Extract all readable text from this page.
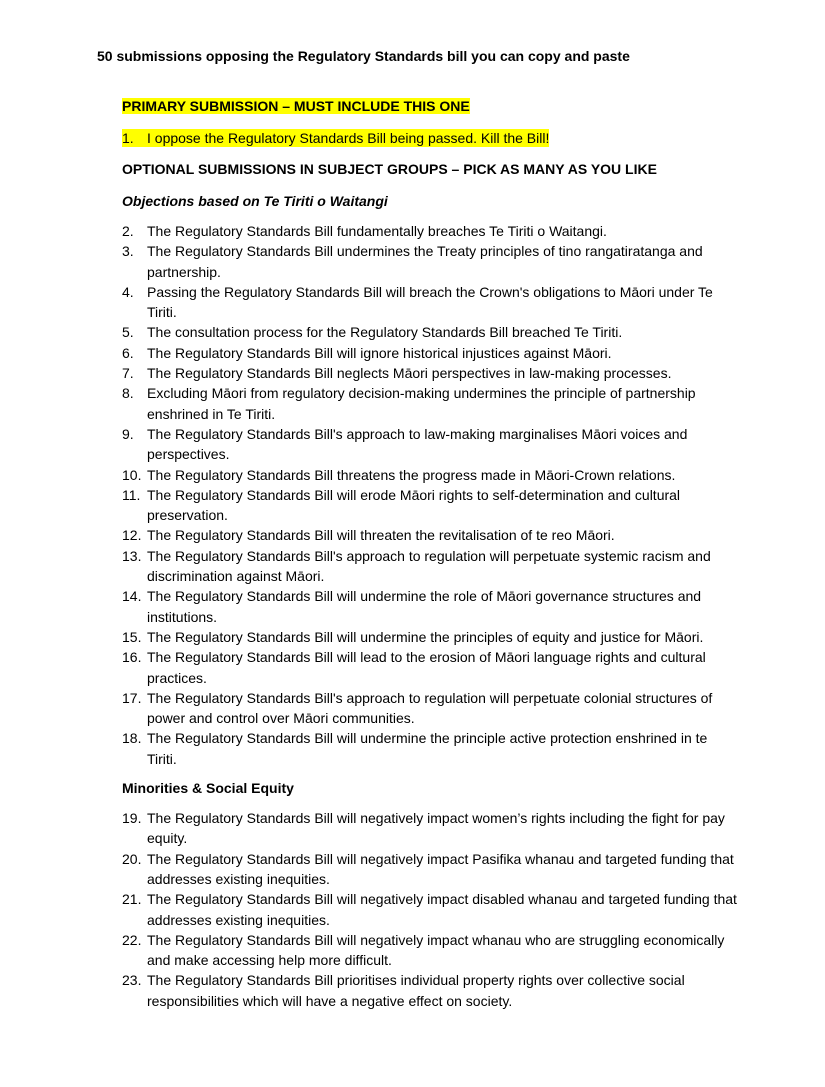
50 submissions opposing the Regulatory Standards bill you can copy and paste

PRIMARY SUBMISSION – MUST INCLUDE THIS ONE

1. I oppose the Regulatory Standards Bill being passed. Kill the Bill!

OPTIONAL SUBMISSIONS IN SUBJECT GROUPS – PICK AS MANY AS YOU LIKE

Objections based on Te Tiriti o Waitangi

2. The Regulatory Standards Bill fundamentally breaches Te Tiriti o Waitangi.
3. The Regulatory Standards Bill undermines the Treaty principles of tino rangatiratanga and partnership.
4. Passing the Regulatory Standards Bill will breach the Crown's obligations to Māori under Te Tiriti.
5. The consultation process for the Regulatory Standards Bill breached Te Tiriti.
6. The Regulatory Standards Bill will ignore historical injustices against Māori.
7. The Regulatory Standards Bill neglects Māori perspectives in law-making processes.
8. Excluding Māori from regulatory decision-making undermines the principle of partnership enshrined in Te Tiriti.
9. The Regulatory Standards Bill's approach to law-making marginalises Māori voices and perspectives.
10. The Regulatory Standards Bill threatens the progress made in Māori-Crown relations.
11. The Regulatory Standards Bill will erode Māori rights to self-determination and cultural preservation.
12. The Regulatory Standards Bill will threaten the revitalisation of te reo Māori.
13. The Regulatory Standards Bill's approach to regulation will perpetuate systemic racism and discrimination against Māori.
14. The Regulatory Standards Bill will undermine the role of Māori governance structures and institutions.
15. The Regulatory Standards Bill will undermine the principles of equity and justice for Māori.
16. The Regulatory Standards Bill will lead to the erosion of Māori language rights and cultural practices.
17. The Regulatory Standards Bill's approach to regulation will perpetuate colonial structures of power and control over Māori communities.
18. The Regulatory Standards Bill will undermine the principle active protection enshrined in te Tiriti.

Minorities & Social Equity

19. The Regulatory Standards Bill will negatively impact women’s rights including the fight for pay equity.
20. The Regulatory Standards Bill will negatively impact Pasifika whanau and targeted funding that addresses existing inequities.
21. The Regulatory Standards Bill will negatively impact disabled whanau and targeted funding that addresses existing inequities.
22. The Regulatory Standards Bill will negatively impact whanau who are struggling economically and make accessing help more difficult.
23. The Regulatory Standards Bill prioritises individual property rights over collective social responsibilities which will have a negative effect on society.
